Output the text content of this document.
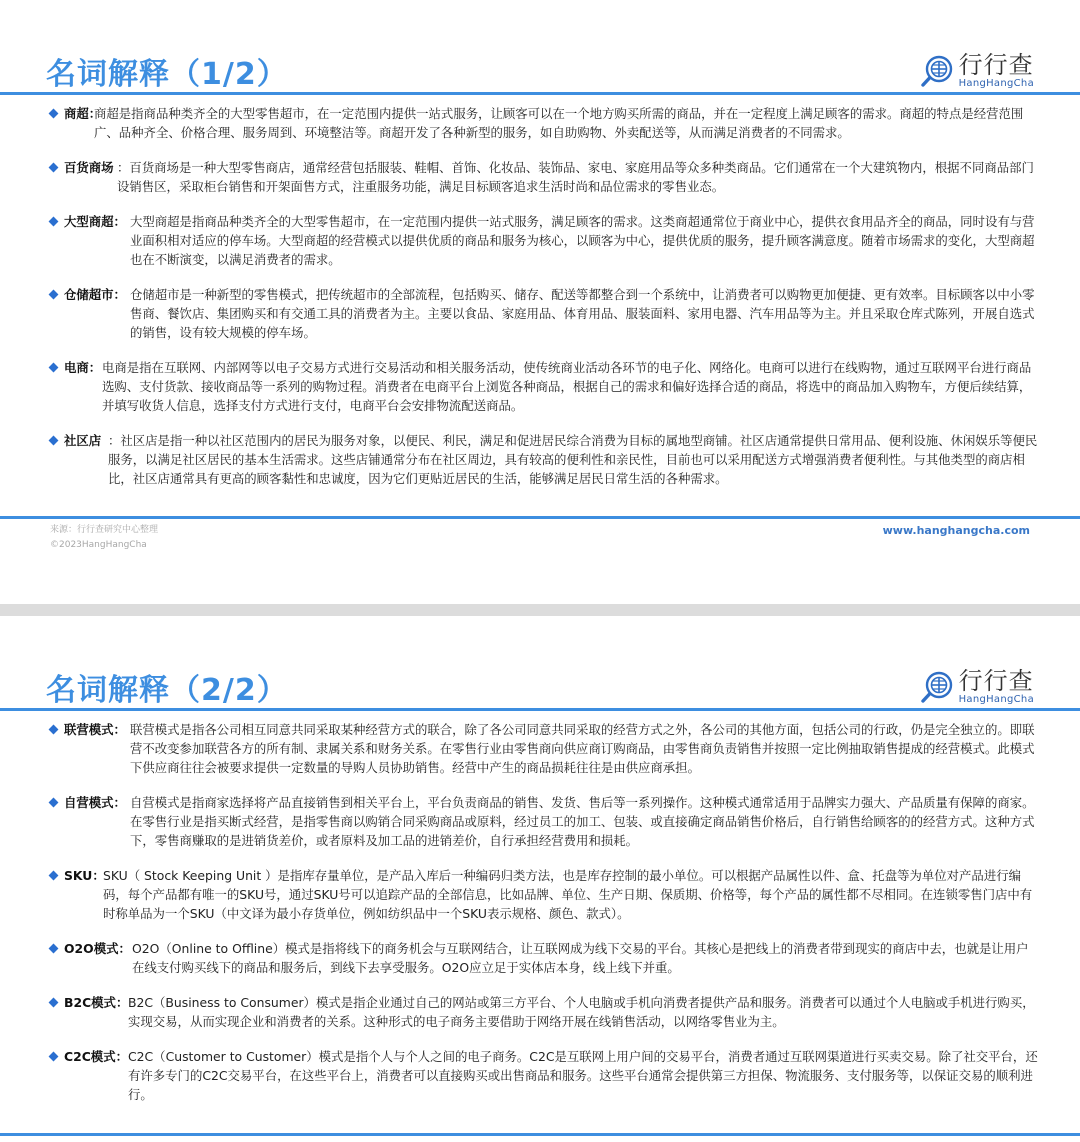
名词解释（1/2）	行行查
HangHangCha
商超：
商超是指商品种类齐全的大型零售超市，在一定范围内提供一站式服务，让顾客可以在一个地方购买所需的商品，并在一定程度上满足顾客的需求。商超的特点是经营范围广、品种齐全、价格合理、服务周到、环境整洁等。商超开发了各种新型的服务，如自助购物、外卖配送等，从而满足消费者的不同需求。
百货商场 ：百货商场是一种大型零售商店，通常经营包括服装、鞋帽、首饰、化妆品、装饰品、家电、家庭用品等众多种类商品。它们通常在一个大建筑物内，根据不同商品部门设销售区，采取柜台销售和开架面售方式，注重服务功能，满足目标顾客追求生活时尚和品位需求的零售业态。
大型商超： 大型商超是指商品种类齐全的大型零售超市，在一定范围内提供一站式服务，满足顾客的需求。这类商超通常位于商业中心，提供衣食用品齐全的商品，同时设有与营业面积相对适应的停车场。大型商超的经营模式以提供优质的商品和服务为核心，以顾客为中心，提供优质的服务，提升顾客满意度。随着市场需求的变化，大型商超也在不断演变，以满足消费者的需求。
仓储超市： 仓储超市是一种新型的零售模式，把传统超市的全部流程，包括购买、储存、配送等都整合到一个系统中，让消费者可以购物更加便捷、更有效率。目标顾客以中小零售商、餐饮店、集团购买和有交通工具的消费者为主。主要以食品、家庭用品、体育用品、服装面料、家用电器、汽车用品等为主。并且采取仓库式陈列，开展自选式的销售，设有较大规模的停车场。
电商： 电商是指在互联网、内部网等以电子交易方式进行交易活动和相关服务活动，使传统商业活动各环节的电子化、网络化。电商可以进行在线购物，通过互联网平台进行商品选购、支付货款、接收商品等一系列的购物过程。消费者在电商平台上浏览各种商品，根据自己的需求和偏好选择合适的商品，将选中的商品加入购物车，方便后续结算，并填写收货人信息，选择支付方式进行支付，电商平台会安排物流配送商品。
社区店 ：社区店是指一种以社区范围内的居民为服务对象，以便民、利民，满足和促进居民综合消费为目标的属地型商铺。社区店通常提供日常用品、便利设施、休闲娱乐等便民服务，以满足社区居民的基本生活需求。这些店铺通常分布在社区周边，具有较高的便利性和亲民性，目前也可以采用配送方式增强消费者便利性。与其他类型的商店相比，社区店通常具有更高的顾客黏性和忠诚度，因为它们更贴近居民的生活，能够满足居民日常生活的各种需求。
来源：行行查研究中心整理
©2023HangHangCha
www.hanghangcha.com
名词解释（2/2）	行行查
HangHangCha
联营模式： 联营模式是指各公司相互同意共同采取某种经营方式的联合，除了各公司同意共同采取的经营方式之外，各公司的其他方面，包括公司的行政，仍是完全独立的。即联营不改变参加联营各方的所有制、隶属关系和财务关系。在零售行业由零售商向供应商订购商品，由零售商负责销售并按照一定比例抽取销售提成的经营模式。此模式下供应商往往会被要求提供一定数量的导购人员协助销售。经营中产生的商品损耗往往是由供应商承担。
自营模式： 自营模式是指商家选择将产品直接销售到相关平台上，平台负责商品的销售、发货、售后等一系列操作。这种模式通常适用于品牌实力强大、产品质量有保障的商家。在零售行业是指买断式经营，是指零售商以购销合同采购商品或原料，经过员工的加工、包装、或直接确定商品销售价格后，自行销售给顾客的的经营方式。这种方式下，零售商赚取的是进销货差价，或者原料及加工品的进销差价，自行承担经营费用和损耗。
SKU：
SKU（ Stock Keeping Unit ）是指库存量单位，是产品入库后一种编码归类方法，也是库存控制的最小单位。可以根据产品属性以件、盒、托盘等为单位对产品进行编码，每个产品都有唯一的SKU号，通过SKU号可以追踪产品的全部信息，比如品牌、单位、生产日期、保质期、价格等，每个产品的属性都不尽相同。在连锁零售门店中有时称单品为一个SKU（中文译为最小存货单位，例如纺织品中一个SKU表示规格、颜色、款式）。
O2O模式： O2O（Online to Offline）模式是指将线下的商务机会与互联网结合，让互联网成为线下交易的平台。其核心是把线上的消费者带到现实的商店中去，也就是让用户在线支付购买线下的商品和服务后，到线下去享受服务。O2O应立足于实体店本身，线上线下并重。
B2C模式： B2C（Business to Consumer）模式是指企业通过自己的网站或第三方平台、个人电脑或手机向消费者提供产品和服务。消费者可以通过个人电脑或手机进行购买，实现交易，从而实现企业和消费者的关系。这种形式的电子商务主要借助于网络开展在线销售活动，以网络零售业为主。
C2C模式： C2C（Customer to Customer）模式是指个人与个人之间的电子商务。C2C是互联网上用户间的交易平台，消费者通过互联网渠道进行买卖交易。除了社交平台，还有许多专门的C2C交易平台，在这些平台上，消费者可以直接购买或出售商品和服务。这些平台通常会提供第三方担保、物流服务、支付服务等，以保证交易的顺利进行。
